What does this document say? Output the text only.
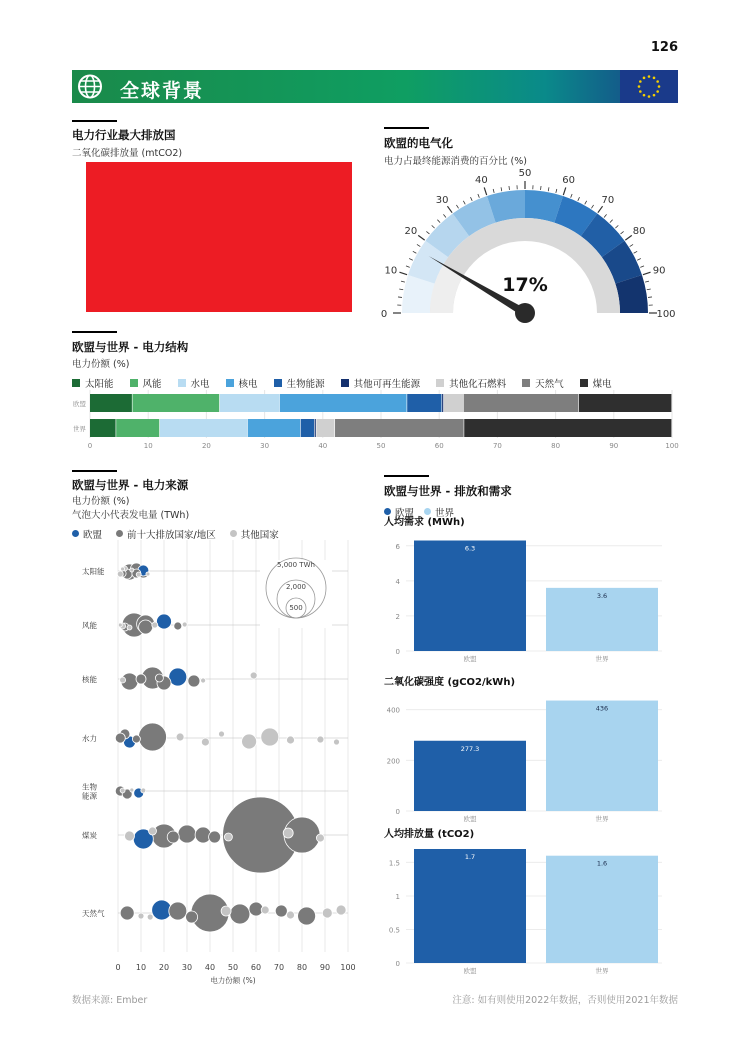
126
全球背景
电力行业最大排放国
二氧化碳排放量 (mtCO2)
欧盟的电气化
电力占最终能源消费的百分比 (%)
0
10
20
30
40
50
60
70
80
90
100
17%
欧盟与世界 - 电力结构
电力份额 (%)
太阳能	风能	水电	核电	生物能源	其他可再生能源	其他化石燃料	天然气	煤电
0	10	20	30	40	50	60	70	80	90	100
欧盟
世界
欧盟与世界 - 电力来源
电力份额 (%)
气泡大小代表发电量 (TWh)
欧盟	前十大排放国家/地区	其他国家
0 10 20 30 40 50 60 70 80 90 100
电力份额 (%)
太阳能
风能
核能
水力
生物
能源
煤炭
天然气
5,000 TWh
2,000
500
欧盟与世界 - 排放和需求
欧盟 世界
人均需求 (MWh)
0
2
4
6	6.3
欧盟
3.6
世界
二氧化碳强度 (gCO2/kWh)
0
200
400
277.3
欧盟
436
世界
人均排放量 (tCO2)
0
0.5
1
1.5
1.7
欧盟
1.6
世界
数据来源: Ember	注意: 如有则使用2022年数据，否则使用2021年数据
